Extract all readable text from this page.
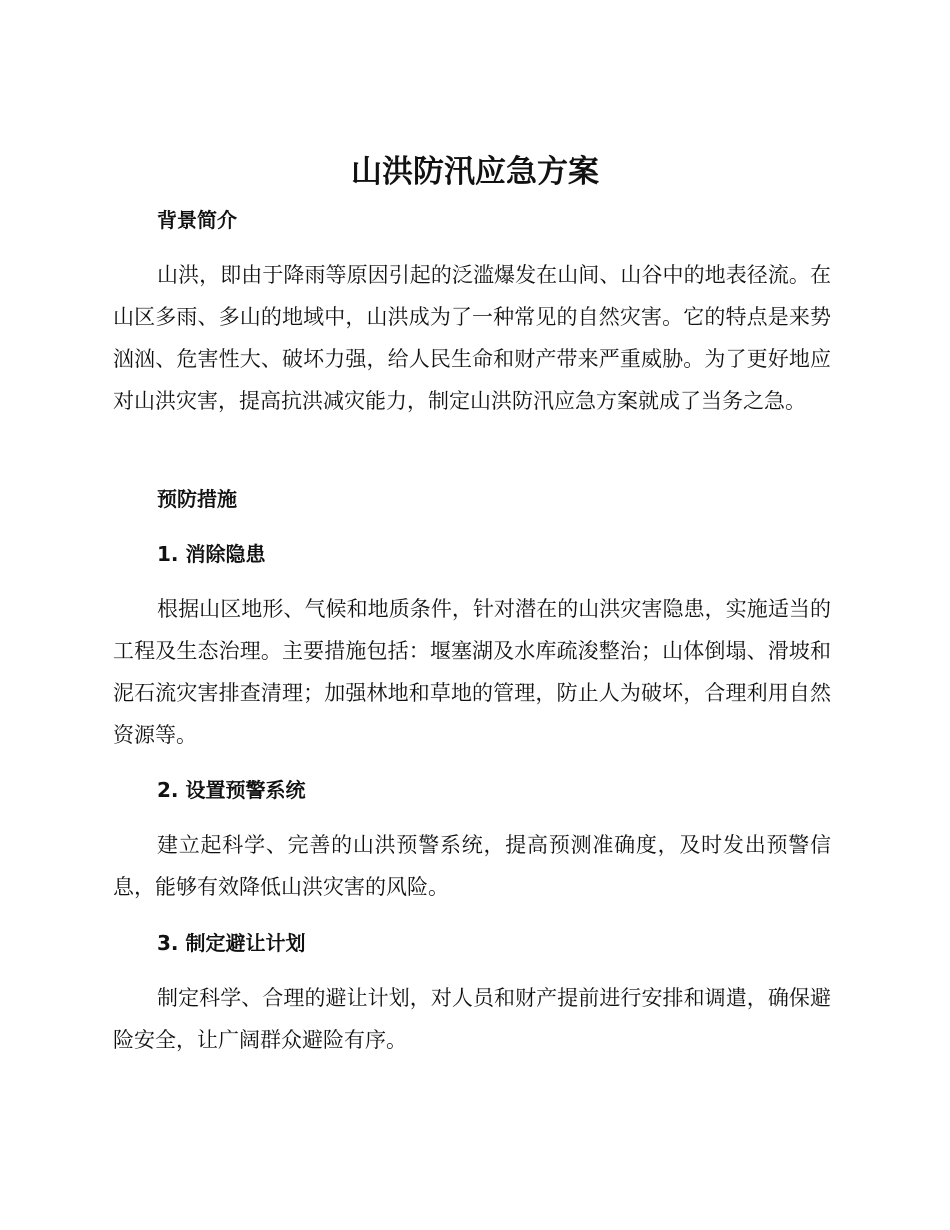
山洪防汛应急方案
背景简介

山洪，即由于降雨等原因引起的泛滥爆发在山间、山谷中的地表径流。在山区多雨、多山的地域中，山洪成为了一种常见的自然灾害。它的特点是来势汹汹、危害性大、破坏力强，给人民生命和财产带来严重威胁。为了更好地应对山洪灾害，提高抗洪减灾能力，制定山洪防汛应急方案就成了当务之急。

预防措施
1. 消除隐患

根据山区地形、气候和地质条件，针对潜在的山洪灾害隐患，实施适当的工程及生态治理。主要措施包括：堰塞湖及水库疏浚整治；山体倒塌、滑坡和泥石流灾害排查清理；加强林地和草地的管理，防止人为破坏，合理利用自然资源等。

2. 设置预警系统

建立起科学、完善的山洪预警系统，提高预测准确度，及时发出预警信息，能够有效降低山洪灾害的风险。

3. 制定避让计划

制定科学、合理的避让计划，对人员和财产提前进行安排和调遣，确保避险安全，让广阔群众避险有序。
